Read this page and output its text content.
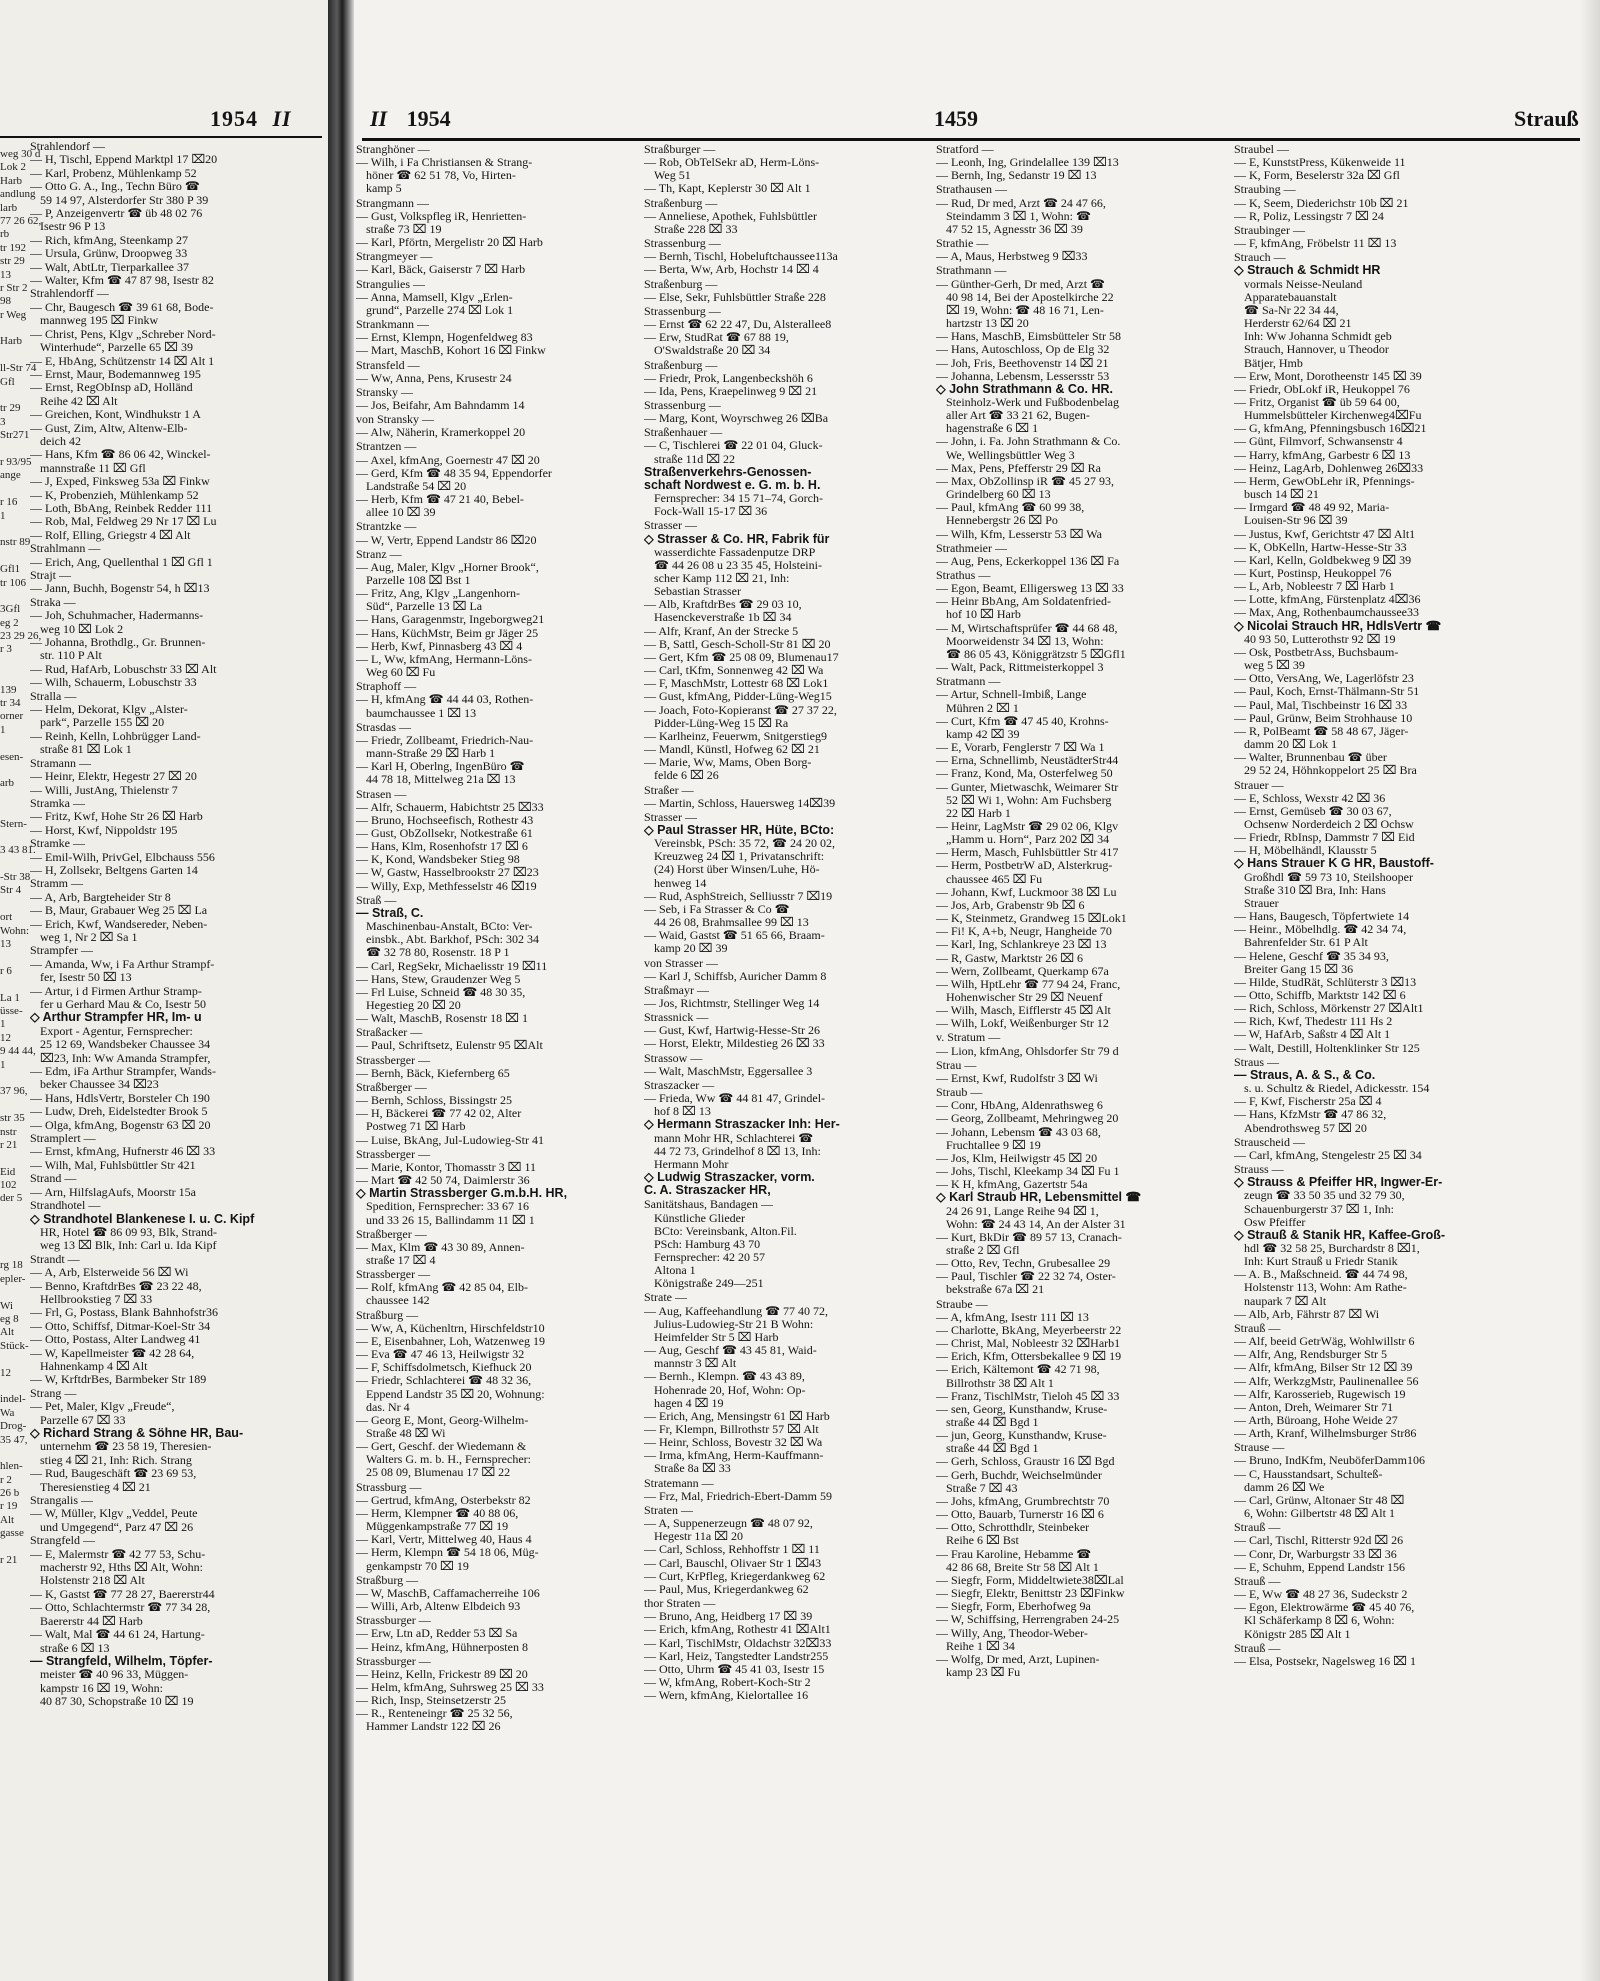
1954 II
weg 30 d
Lok 2
Harb
andlung
larb
77 26 62,
rb
tr 192
str 29
13
r Str 2
98
r Weg
Harb
ll-Str 74
Gfl
tr 29
3
Str271
r 93/95
ange
r 16
1
nstr 89
Gfl1
tr 106
3Gfl
eg 2
23 29 26,
r 3
139
tr 34
orner
1
esen-
arb
Stern-
3 43 81.
-Str 38
Str 4
ort
Wohn:
13
r 6
La 1
üsse-
1
12
9 44 44,
1
37 96,
str 35
nstr
r 21
Eid
102
der 5
rg 18
epler-
Wi
eg 8
Alt
Stück-
12
indel-
Wa
Drog-
35 47,
hlen-
r 2
26 b
r 19
Alt
gasse
r 21
Strahlendorf —
— H, Tischl, Eppend Marktpl 17 ⌧20
— Karl, Probenz, Mühlenkamp 52
— Otto G. A., Ing., Techn Büro ☎
59 14 97, Alsterdorfer Str 380 P 39
— P, Anzeigenvertr ☎ üb 48 02 76
Isestr 96 P 13
— Rich, kfmAng, Steenkamp 27
— Ursula, Grünw, Droopweg 33
— Walt, AbtLtr, Tierparkallee 37
— Walter, Kfm ☎ 47 87 98, Isestr 82
Strahlendorff —
— Chr, Baugesch ☎ 39 61 68, Bode-
mannweg 195 ⌧ Finkw
— Christ, Pens, Klgv „Schreber Nord-
Winterhude“, Parzelle 65 ⌧ 39
— E, HbAng, Schützenstr 14 ⌧ Alt 1
— Ernst, Maur, Bodemannweg 195
— Ernst, RegObInsp aD, Holländ
Reihe 42 ⌧ Alt
— Greichen, Kont, Windhukstr 1 A
— Gust, Zim, Altw, Altenw-Elb-
deich 42
— Hans, Kfm ☎ 86 06 42, Winckel-
mannstraße 11 ⌧ Gfl
— J, Exped, Finksweg 53a ⌧ Finkw
— K, Probenzieh, Mühlenkamp 52
— Loth, BbAng, Reinbek Redder 111
— Rob, Mal, Feldweg 29 Nr 17 ⌧ Lu
— Rolf, Elling, Griegstr 4 ⌧ Alt
Strahlmann —
— Erich, Ang, Quellenthal 1 ⌧ Gfl 1
Strajt —
— Jann, Buchh, Bogenstr 54, h ⌧13
Straka —
— Joh, Schuhmacher, Hadermanns-
weg 10 ⌧ Lok 2
— Johanna, Brothdlg., Gr. Brunnen-
str. 110 P Alt
— Rud, HafArb, Lobuschstr 33 ⌧ Alt
— Wilh, Schauerm, Lobuschstr 33
Stralla —
— Helm, Dekorat, Klgv „Alster-
park“, Parzelle 155 ⌧ 20
— Reinh, Kelln, Lohbrügger Land-
straße 81 ⌧ Lok 1
Stramann —
— Heinr, Elektr, Hegestr 27 ⌧ 20
— Willi, JustAng, Thielenstr 7
Stramka —
— Fritz, Kwf, Hohe Str 26 ⌧ Harb
— Horst, Kwf, Nippoldstr 195
Stramke —
— Emil-Wilh, PrivGel, Elbchauss 556
— H, Zollsekr, Beltgens Garten 14
Stramm —
— A, Arb, Bargteheider Str 8
— B, Maur, Grabauer Weg 25 ⌧ La
— Erich, Kwf, Wandsereder, Neben-
weg 1, Nr 2 ⌧ Sa 1
Strampfer —
— Amanda, Ww, i Fa Arthur Strampf-
fer, Isestr 50 ⌧ 13
— Artur, i d Firmen Arthur Stramp-
fer u Gerhard Mau & Co, Isestr 50
◇ Arthur Strampfer HR, Im- u
Export - Agentur, Fernsprecher:
25 12 69, Wandsbeker Chaussee 34
⌧23, Inh: Ww Amanda Strampfer,
— Edm, iFa Arthur Strampfer, Wands-
beker Chaussee 34 ⌧23
— Hans, HdlsVertr, Borsteler Ch 190
— Ludw, Dreh, Eidelstedter Brook 5
— Olga, kfmAng, Bogenstr 63 ⌧ 20
Stramplert —
— Ernst, kfmAng, Hufnerstr 46 ⌧ 33
— Wilh, Mal, Fuhlsbüttler Str 421
Strand —
— Arn, HilfslagAufs, Moorstr 15a
Strandhotel —
◇ Strandhotel Blankenese I. u. C. Kipf
HR, Hotel ☎ 86 09 93, Blk, Strand-
weg 13 ⌧ Blk, Inh: Carl u. Ida Kipf
Strandt —
— A, Arb, Elsterweide 56 ⌧ Wi
— Benno, KraftdrBes ☎ 23 22 48,
Hellbrookstieg 7 ⌧ 33
— Frl, G, Postass, Blank Bahnhofstr36
— Otto, Schiffsf, Ditmar-Koel-Str 34
— Otto, Postass, Alter Landweg 41
— W, Kapellmeister ☎ 42 28 64,
Hahnenkamp 4 ⌧ Alt
— W, KrftdrBes, Barmbeker Str 189
Strang —
— Pet, Maler, Klgv „Freude“,
Parzelle 67 ⌧ 33
◇ Richard Strang & Söhne HR, Bau-
unternehm ☎ 23 58 19, Theresien-
stieg 4 ⌧ 21, Inh: Rich. Strang
— Rud, Baugeschäft ☎ 23 69 53,
Theresienstieg 4 ⌧ 21
Strangalis —
— W, Müller, Klgv „Veddel, Peute
und Umgegend“, Parz 47 ⌧ 26
Strangfeld —
— E, Malermstr ☎ 42 77 53, Schu-
macherstr 92, Hths ⌧ Alt, Wohn:
Holstenstr 218 ⌧ Alt
— K, Gastst ☎ 77 28 27, Baererstr44
— Otto, Schlachtermstr ☎ 77 34 28,
Baererstr 44 ⌧ Harb
— Walt, Mal ☎ 44 61 24, Hartung-
straße 6 ⌧ 13
— Strangfeld, Wilhelm, Töpfer-
meister ☎ 40 96 33, Müggen-
kampstr 16 ⌧ 19, Wohn:
40 87 30, Schopstraße 10 ⌧ 19
II 1954	1459	Strauß
Stranghöner —
— Wilh, i Fa Christiansen & Strang-
höner ☎ 62 51 78, Vo, Hirten-
kamp 5
Strangmann —
— Gust, Volkspfleg iR, Henrietten-
straße 73 ⌧ 19
— Karl, Pförtn, Mergelistr 20 ⌧ Harb
Strangmeyer —
— Karl, Bäck, Gaiserstr 7 ⌧ Harb
Strangulies —
— Anna, Mamsell, Klgv „Erlen-
grund“, Parzelle 274 ⌧ Lok 1
Strankmann —
— Ernst, Klempn, Hogenfeldweg 83
— Mart, MaschB, Kohort 16 ⌧ Finkw
Stransfeld —
— Ww, Anna, Pens, Krusestr 24
Stransky —
— Jos, Beifahr, Am Bahndamm 14
von Stransky —
— Alw, Näherin, Kramerkoppel 20
Strantzen —
— Axel, kfmAng, Goernestr 47 ⌧ 20
— Gerd, Kfm ☎ 48 35 94, Eppendorfer
Landstraße 54 ⌧ 20
— Herb, Kfm ☎ 47 21 40, Bebel-
allee 10 ⌧ 39
Strantzke —
— W, Vertr, Eppend Landstr 86 ⌧20
Stranz —
— Aug, Maler, Klgv „Horner Brook“,
Parzelle 108 ⌧ Bst 1
— Fritz, Ang, Klgv „Langenhorn-
Süd“, Parzelle 13 ⌧ La
— Hans, Garagenmstr, Ingeborgweg21
— Hans, KüchMstr, Beim gr Jäger 25
— Herb, Kwf, Pinnasberg 43 ⌧ 4
— L, Ww, kfmAng, Hermann-Löns-
Weg 60 ⌧ Fu
Straphoff —
— H, kfmAng ☎ 44 44 03, Rothen-
baumchaussee 1 ⌧ 13
Strasdas —
— Friedr, Zollbeamt, Friedrich-Nau-
mann-Straße 29 ⌧ Harb 1
— Karl H, Oberlng, IngenBüro ☎
44 78 18, Mittelweg 21a ⌧ 13
Strasen —
— Alfr, Schauerm, Habichtstr 25 ⌧33
— Bruno, Hochseefisch, Rothestr 43
— Gust, ObZollsekr, Notkestraße 61
— Hans, Klm, Rosenhofstr 17 ⌧ 6
— K, Kond, Wandsbeker Stieg 98
— W, Gastw, Hasselbrookstr 27 ⌧23
— Willy, Exp, Methfesselstr 46 ⌧19
Straß —
— Straß, C.
Maschinenbau-Anstalt, BCto: Ver-
einsbk., Abt. Barkhof, PSch: 302 34
☎ 32 78 80, Rosenstr. 18 P 1
— Carl, RegSekr, Michaelisstr 19 ⌧11
— Hans, Stew, Graudenzer Weg 5
— Frl Luise, Schneid ☎ 48 30 35,
Hegestieg 20 ⌧ 20
— Walt, MaschB, Rosenstr 18 ⌧ 1
Straßacker —
— Paul, Schriftsetz, Eulenstr 95 ⌧Alt
Strassberger —
— Bernh, Bäck, Kiefernberg 65
Straßberger —
— Bernh, Schloss, Bissingstr 25
— H, Bäckerei ☎ 77 42 02, Alter
Postweg 71 ⌧ Harb
— Luise, BkAng, Jul-Ludowieg-Str 41
Strassberger —
— Marie, Kontor, Thomasstr 3 ⌧ 11
— Mart ☎ 42 50 74, Daimlerstr 36
◇ Martin Strassberger G.m.b.H. HR,
Spedition, Fernsprecher: 33 67 16
und 33 26 15, Ballindamm 11 ⌧ 1
Straßberger —
— Max, Klm ☎ 43 30 89, Annen-
straße 17 ⌧ 4
Strassberger —
— Rolf, kfmAng ☎ 42 85 04, Elb-
chaussee 142
Straßburg —
— Ww, A, Küchenltrn, Hirschfeldstr10
— E, Eisenbahner, Loh, Watzenweg 19
— Eva ☎ 47 46 13, Heilwigstr 32
— F, Schiffsdolmetsch, Kiefhuck 20
— Friedr, Schlachterei ☎ 48 32 36,
Eppend Landstr 35 ⌧ 20, Wohnung:
das. Nr 4
— Georg E, Mont, Georg-Wilhelm-
Straße 48 ⌧ Wi
— Gert, Geschf. der Wiedemann &
Walters G. m. b. H., Fernsprecher:
25 08 09, Blumenau 17 ⌧ 22
Strassburg —
— Gertrud, kfmAng, Osterbekstr 82
— Herm, Klempner ☎ 40 88 06,
Müggenkampstraße 77 ⌧ 19
— Karl, Vertr, Mittelweg 40, Haus 4
— Herm, Klempn ☎ 54 18 06, Müg-
genkampstr 70 ⌧ 19
Straßburg —
— W, MaschB, Caffamacherreihe 106
— Willi, Arb, Altenw Elbdeich 93
Strassburger —
— Erw, Ltn aD, Redder 53 ⌧ Sa
— Heinz, kfmAng, Hühnerposten 8
Strassburger —
— Heinz, Kelln, Frickestr 89 ⌧ 20
— Helm, kfmAng, Suhrsweg 25 ⌧ 33
— Rich, Insp, Steinsetzerstr 25
— R., Renteneingr ☎ 25 32 56,
Hammer Landstr 122 ⌧ 26
Straßburger —
— Rob, ObTelSekr aD, Herm-Löns-
Weg 51
— Th, Kapt, Keplerstr 30 ⌧ Alt 1
Straßenburg —
— Anneliese, Apothek, Fuhlsbüttler
Straße 228 ⌧ 33
Strassenburg —
— Bernh, Tischl, Hobeluftchaussee113a
— Berta, Ww, Arb, Hochstr 14 ⌧ 4
Straßenburg —
— Else, Sekr, Fuhlsbüttler Straße 228
Strassenburg —
— Ernst ☎ 62 22 47, Du, Alsterallee8
— Erw, StudRat ☎ 67 88 19,
O'Swaldstraße 20 ⌧ 34
Straßenburg —
— Friedr, Prok, Langenbeckshöh 6
— Ida, Pens, Kraepelinweg 9 ⌧ 21
Strassenburg —
— Marg, Kont, Woyrschweg 26 ⌧Ba
Straßenhauer —
— C, Tischlerei ☎ 22 01 04, Gluck-
straße 11d ⌧ 22
Straßenverkehrs-Genossen-
schaft Nordwest e. G. m. b. H.
Fernsprecher: 34 15 71–74, Gorch-
Fock-Wall 15-17 ⌧ 36
Strasser —
◇ Strasser & Co. HR, Fabrik für
wasserdichte Fassadenputze DRP
☎ 44 26 08 u 23 35 45, Holsteini-
scher Kamp 112 ⌧ 21, Inh:
Sebastian Strasser
— Alb, KraftdrBes ☎ 29 03 10,
Hasenckeverstraße 1b ⌧ 34
— Alfr, Kranf, An der Strecke 5
— B, Sattl, Gesch-Scholl-Str 81 ⌧ 20
— Gert, Kfm ☎ 25 08 09, Blumenau17
— Carl, tKfm, Sonnenweg 42 ⌧ Wa
— F, MaschMstr, Lottestr 68 ⌧ Lok1
— Gust, kfmAng, Pidder-Lüng-Weg15
— Joach, Foto-Kopieranst ☎ 27 37 22,
Pidder-Lüng-Weg 15 ⌧ Ra
— Karlheinz, Feuerwm, Snitgerstieg9
— Mandl, Künstl, Hofweg 62 ⌧ 21
— Marie, Ww, Mams, Oben Borg-
felde 6 ⌧ 26
Straßer —
— Martin, Schloss, Hauersweg 14⌧39
Strasser —
◇ Paul Strasser HR, Hüte, BCto:
Vereinsbk, PSch: 35 72, ☎ 24 20 02,
Kreuzweg 24 ⌧ 1, Privatanschrift:
(24) Horst über Winsen/Luhe, Hö-
henweg 14
— Rud, AsphStreich, Selliusstr 7 ⌧19
— Seb, i Fa Strasser & Co ☎
44 26 08, Brahmsallee 99 ⌧ 13
— Waid, Gastst ☎ 51 65 66, Braam-
kamp 20 ⌧ 39
von Strasser —
— Karl J, Schiffsb, Auricher Damm 8
Straßmayr —
— Jos, Richtmstr, Stellinger Weg 14
Strassnick —
— Gust, Kwf, Hartwig-Hesse-Str 26
— Horst, Elektr, Mildestieg 26 ⌧ 33
Strassow —
— Walt, MaschMstr, Eggersallee 3
Straszacker —
— Frieda, Ww ☎ 44 81 47, Grindel-
hof 8 ⌧ 13
◇ Hermann Straszacker Inh: Her-
mann Mohr HR, Schlachterei ☎
44 72 73, Grindelhof 8 ⌧ 13, Inh:
Hermann Mohr
◇ Ludwig Straszacker, vorm.
C. A. Straszacker HR,
Sanitätshaus, Bandagen —
Künstliche Glieder
BCto: Vereinsbank, Alton.Fil.
PSch: Hamburg 43 70
Fernsprecher: 42 20 57
Altona 1
Königstraße 249—251
Strate —
— Aug, Kaffeehandlung ☎ 77 40 72,
Julius-Ludowieg-Str 21 B Wohn:
Heimfelder Str 5 ⌧ Harb
— Aug, Geschf ☎ 43 45 81, Waid-
mannstr 3 ⌧ Alt
— Bernh., Klempn. ☎ 43 43 89,
Hohenrade 20, Hof, Wohn: Op-
hagen 4 ⌧ 19
— Erich, Ang, Mensingstr 61 ⌧ Harb
— Fr, Klempn, Billrothstr 57 ⌧ Alt
— Heinr, Schloss, Bovestr 32 ⌧ Wa
— Irma, kfmAng, Herm-Kauffmann-
Straße 8a ⌧ 33
Stratemann —
— Frz, Mal, Friedrich-Ebert-Damm 59
Straten —
— A, Suppenerzeugn ☎ 48 07 92,
Hegestr 11a ⌧ 20
— Carl, Schloss, Rehhoffstr 1 ⌧ 11
— Carl, Bauschl, Olivaer Str 1 ⌧43
— Curt, KrPfleg, Kriegerdankweg 62
— Paul, Mus, Kriegerdankweg 62
thor Straten —
— Bruno, Ang, Heidberg 17 ⌧ 39
— Erich, kfmAng, Rothestr 41 ⌧Alt1
— Karl, TischlMstr, Oldachstr 32⌧33
— Karl, Heiz, Tangstedter Landstr255
— Otto, Uhrm ☎ 45 41 03, Isestr 15
— W, kfmAng, Robert-Koch-Str 2
— Wern, kfmAng, Kielortallee 16
Stratford —
— Leonh, Ing, Grindelallee 139 ⌧13
— Bernh, Ing, Sedanstr 19 ⌧ 13
Strathausen —
— Rud, Dr med, Arzt ☎ 24 47 66,
Steindamm 3 ⌧ 1, Wohn: ☎
47 52 15, Agnesstr 36 ⌧ 39
Strathie —
— A, Maus, Herbstweg 9 ⌧33
Strathmann —
— Günther-Gerh, Dr med, Arzt ☎
40 98 14, Bei der Apostelkirche 22
⌧ 19, Wohn: ☎ 48 16 71, Len-
hartzstr 13 ⌧ 20
— Hans, MaschB, Eimsbütteler Str 58
— Hans, Autoschloss, Op de Elg 32
— Joh, Fris, Beethovenstr 14 ⌧ 21
— Johanna, Lebensm, Lessersstr 53
◇ John Strathmann & Co. HR.
Steinholz-Werk und Fußbodenbelag
aller Art ☎ 33 21 62, Bugen-
hagenstraße 6 ⌧ 1
— John, i. Fa. John Strathmann & Co.
We, Wellingsbüttler Weg 3
— Max, Pens, Pfefferstr 29 ⌧ Ra
— Max, ObZollinsp iR ☎ 45 27 93,
Grindelberg 60 ⌧ 13
— Paul, kfmAng ☎ 60 99 38,
Hennebergstr 26 ⌧ Po
— Wilh, Kfm, Lesserstr 53 ⌧ Wa
Strathmeier —
— Aug, Pens, Eckerkoppel 136 ⌧ Fa
Strathus —
— Egon, Beamt, Elligersweg 13 ⌧ 33
— Heinr BbAng, Am Soldatenfried-
hof 10 ⌧ Harb
— M, Wirtschaftsprüfer ☎ 44 68 48,
Moorweidenstr 34 ⌧ 13, Wohn:
☎ 86 05 43, Königgrätzstr 5 ⌧Gfl1
— Walt, Pack, Rittmeisterkoppel 3
Stratmann —
— Artur, Schnell-Imbiß, Lange
Mühren 2 ⌧ 1
— Curt, Kfm ☎ 47 45 40, Krohns-
kamp 42 ⌧ 39
— E, Vorarb, Fenglerstr 7 ⌧ Wa 1
— Erna, Schnellimb, NeustädterStr44
— Franz, Kond, Ma, Osterfelweg 50
— Gunter, Mietwaschk, Weimarer Str
52 ⌧ Wi 1, Wohn: Am Fuchsberg
22 ⌧ Harb 1
— Heinr, LagMstr ☎ 29 02 06, Klgv
„Hamm u. Horn“, Parz 202 ⌧ 34
— Herm, Masch, Fuhlsbüttler Str 417
— Herm, PostbetrW aD, Alsterkrug-
chaussee 465 ⌧ Fu
— Johann, Kwf, Luckmoor 38 ⌧ Lu
— Jos, Arb, Grabenstr 9b ⌧ 6
— K, Steinmetz, Grandweg 15 ⌧Lok1
— Fi! K, A+b, Neugr, Hangheide 70
— Karl, Ing, Schlankreye 23 ⌧ 13
— R, Gastw, Marktstr 26 ⌧ 6
— Wern, Zollbeamt, Querkamp 67a
— Wilh, HptLehr ☎ 77 94 24, Franc,
Hohenwischer Str 29 ⌧ Neuenf
— Wilh, Masch, Eifflerstr 45 ⌧ Alt
— Wilh, Lokf, Weißenburger Str 12
v. Stratum —
— Lion, kfmAng, Ohlsdorfer Str 79 d
Strau —
— Ernst, Kwf, Rudolfstr 3 ⌧ Wi
Straub —
— Conr, HbAng, Aldenrathsweg 6
— Georg, Zollbeamt, Mehringweg 20
— Johann, Lebensm ☎ 43 03 68,
Fruchtallee 9 ⌧ 19
— Jos, Klm, Heilwigstr 45 ⌧ 20
— Johs, Tischl, Kleekamp 34 ⌧ Fu 1
— K H, kfmAng, Gazertstr 54a
◇ Karl Straub HR, Lebensmittel ☎
24 26 91, Lange Reihe 94 ⌧ 1,
Wohn: ☎ 24 43 14, An der Alster 31
— Kurt, BkDir ☎ 89 57 13, Cranach-
straße 2 ⌧ Gfl
— Otto, Rev, Techn, Grubesallee 29
— Paul, Tischler ☎ 22 32 74, Oster-
bekstraße 67a ⌧ 21
Straube —
— A, kfmAng, Isestr 111 ⌧ 13
— Charlotte, BkAng, Meyerbeerstr 22
— Christ, Mal, Nobleestr 32 ⌧Harb1
— Erich, Kfm, Ottersbekallee 9 ⌧ 19
— Erich, Kältemont ☎ 42 71 98,
Billrothstr 38 ⌧ Alt 1
— Franz, TischlMstr, Tieloh 45 ⌧ 33
— sen, Georg, Kunsthandw, Kruse-
straße 44 ⌧ Bgd 1
— jun, Georg, Kunsthandw, Kruse-
straße 44 ⌧ Bgd 1
— Gerh, Schloss, Graustr 16 ⌧ Bgd
— Gerh, Buchdr, Weichselmünder
Straße 7 ⌧ 43
— Johs, kfmAng, Grumbrechtstr 70
— Otto, Bauarb, Turnerstr 16 ⌧ 6
— Otto, Schrotthdlr, Steinbeker
Reihe 6 ⌧ Bst
— Frau Karoline, Hebamme ☎
42 86 68, Breite Str 58 ⌧ Alt 1
— Siegfr, Form, Middeltwiete38⌧Lal
— Siegfr, Elektr, Benittstr 23 ⌧Finkw
— Siegfr, Form, Eberhofweg 9a
— W, Schiffsing, Herrengraben 24-25
— Willy, Ang, Theodor-Weber-
Reihe 1 ⌧ 34
— Wolfg, Dr med, Arzt, Lupinen-
kamp 23 ⌧ Fu
Straubel —
— E, KunststPress, Kükenweide 11
— K, Form, Beselerstr 32a ⌧ Gfl
Straubing —
— K, Seem, Diederichstr 10b ⌧ 21
— R, Poliz, Lessingstr 7 ⌧ 24
Straubinger —
— F, kfmAng, Fröbelstr 11 ⌧ 13
Strauch —
◇ Strauch & Schmidt HR
vormals Neisse-Neuland
Apparatebauanstalt
☎ Sa-Nr 22 34 44,
Herderstr 62/64 ⌧ 21
Inh: Ww Johanna Schmidt geb
Strauch, Hannover, u Theodor
Bätjer, Hmb
— Erw, Mont, Dorotheenstr 145 ⌧ 39
— Friedr, ObLokf iR, Heukoppel 76
— Fritz, Organist ☎ üb 59 64 00,
Hummelsbütteler Kirchenweg4⌧Fu
— G, kfmAng, Pfenningsbusch 16⌧21
— Günt, Filmvorf, Schwansenstr 4
— Harry, kfmAng, Garbestr 6 ⌧ 13
— Heinz, LagArb, Dohlenweg 26⌧33
— Herm, GewObLehr iR, Pfennings-
busch 14 ⌧ 21
— Irmgard ☎ 48 49 92, Maria-
Louisen-Str 96 ⌧ 39
— Justus, Kwf, Gerichtstr 47 ⌧ Alt1
— K, ObKelln, Hartw-Hesse-Str 33
— Karl, Kelln, Goldbekweg 9 ⌧ 39
— Kurt, Postinsp, Heukoppel 76
— L, Arb, Nobleestr 7 ⌧ Harb 1
— Lotte, kfmAng, Fürstenplatz 4⌧36
— Max, Ang, Rothenbaumchaussee33
◇ Nicolai Strauch HR, HdlsVertr ☎
40 93 50, Lutterothstr 92 ⌧ 19
— Osk, PostbetrAss, Buchsbaum-
weg 5 ⌧ 39
— Otto, VersAng, We, Lagerlöfstr 23
— Paul, Koch, Ernst-Thälmann-Str 51
— Paul, Mal, Tischbeinstr 16 ⌧ 33
— Paul, Grünw, Beim Strohhause 10
— R, PolBeamt ☎ 58 48 67, Jäger-
damm 20 ⌧ Lok 1
— Walter, Brunnenbau ☎ über
29 52 24, Höhnkoppelort 25 ⌧ Bra
Strauer —
— E, Schloss, Wexstr 42 ⌧ 36
— Ernst, Gemüseb ☎ 30 03 67,
Ochsenw Norderdeich 2 ⌧ Ochsw
— Friedr, RbInsp, Dammstr 7 ⌧ Eid
— H, Möbelhändl, Klausstr 5
◇ Hans Strauer K G HR, Baustoff-
Großhdl ☎ 59 73 10, Steilshooper
Straße 310 ⌧ Bra, Inh: Hans
Strauer
— Hans, Baugesch, Töpfertwiete 14
— Heinr., Möbelhdlg. ☎ 42 34 74,
Bahrenfelder Str. 61 P Alt
— Helene, Geschf ☎ 35 34 93,
Breiter Gang 15 ⌧ 36
— Hilde, StudRät, Schlüterstr 3 ⌧13
— Otto, Schiffb, Marktstr 142 ⌧ 6
— Rich, Schloss, Mörkenstr 27 ⌧Alt1
— Rich, Kwf, Thedestr 111 Hs 2
— W, HafArb, Saßstr 4 ⌧ Alt 1
— Walt, Destill, Holtenklinker Str 125
Straus —
— Straus, A. & S., & Co.
s. u. Schultz & Riedel, Adickesstr. 154
— F, Kwf, Fischerstr 25a ⌧ 4
— Hans, KfzMstr ☎ 47 86 32,
Abendrothsweg 57 ⌧ 20
Strauscheid —
— Carl, kfmAng, Stengelestr 25 ⌧ 34
Strauss —
◇ Strauss & Pfeiffer HR, Ingwer-Er-
zeugn ☎ 33 50 35 und 32 79 30,
Schauenburgerstr 37 ⌧ 1, Inh:
Osw Pfeiffer
◇ Strauß & Stanik HR, Kaffee-Groß-
hdl ☎ 32 58 25, Burchardstr 8 ⌧1,
Inh: Kurt Strauß u Friedr Stanik
— A. B., Maßschneid. ☎ 44 74 98,
Holstenstr 113, Wohn: Am Rathe-
naupark 7 ⌧ Alt
— Alb, Arb, Fährstr 87 ⌧ Wi
Strauß —
— Alf, beeid GetrWäg, Wohlwillstr 6
— Alfr, Ang, Rendsburger Str 5
— Alfr, kfmAng, Bilser Str 12 ⌧ 39
— Alfr, WerkzgMstr, Paulinenallee 56
— Alfr, Karosseriеb, Rugewisch 19
— Anton, Dreh, Weimarer Str 71
— Arth, Büroang, Hohe Weide 27
— Arth, Kranf, Wilhelmsburger Str86
Strause —
— Bruno, IndKfm, NeuböferDamm106
— C, Hausstandsart, Schulteß-
damm 26 ⌧ We
— Carl, Grünw, Altonaer Str 48 ⌧
6, Wohn: Gilbertstr 48 ⌧ Alt 1
Strauß —
— Carl, Tischl, Ritterstr 92d ⌧ 26
— Conr, Dr, Warburgstr 33 ⌧ 36
— E, Schuhm, Eppend Landstr 156
Strauß —
— E, Ww ☎ 48 27 36, Sudeckstr 2
— Egon, Elektrowärme ☎ 45 40 76,
Kl Schäferkamp 8 ⌧ 6, Wohn:
Königstr 285 ⌧ Alt 1
Strauß —
— Elsa, Postsekr, Nagelsweg 16 ⌧ 1
